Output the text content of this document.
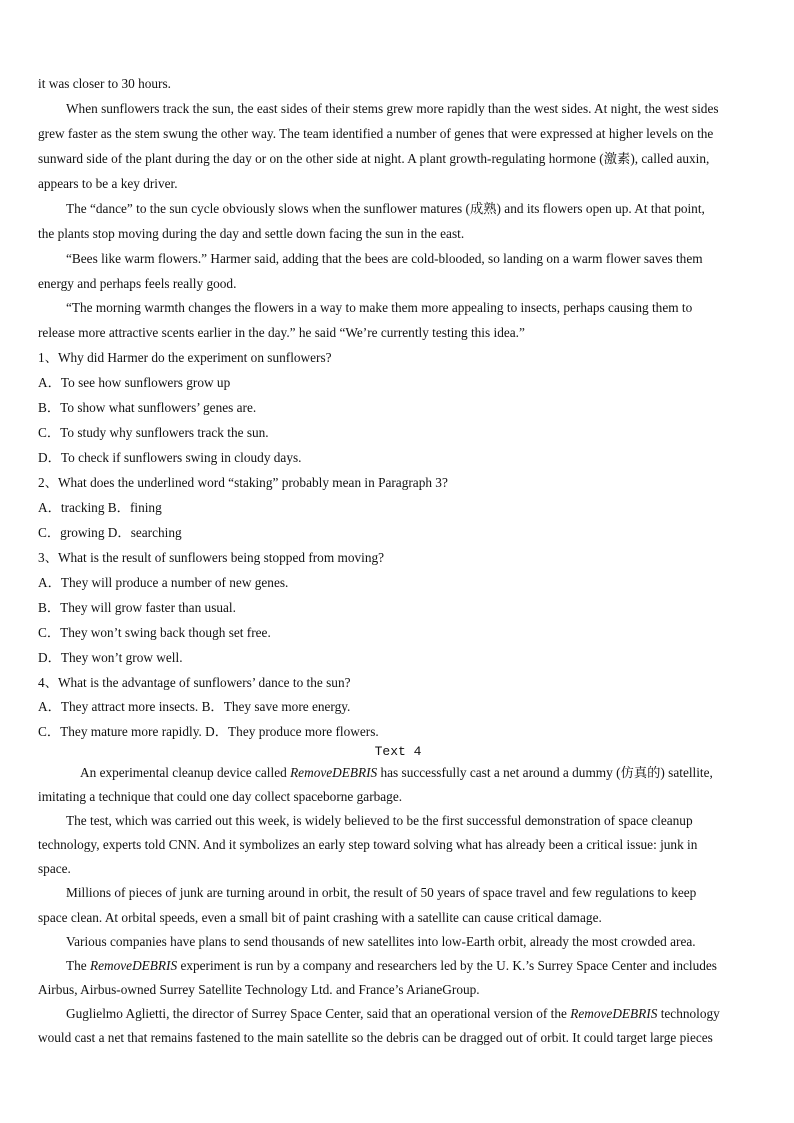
it was closer to 30 hours.
When sunflowers track the sun, the east sides of their stems grew more rapidly than the west sides. At night, the west sides
grew faster as the stem swung the other way. The team identified a number of genes that were expressed at higher levels on the
sunward side of the plant during the day or on the other side at night. A plant growth-regulating hormone (激素), called auxin,
appears to be a key driver.
The “dance” to the sun cycle obviously slows when the sunflower matures (成熟) and its flowers open up. At that point,
the plants stop moving during the day and settle down facing the sun in the east.
“Bees like warm flowers.” Harmer said, adding that the bees are cold-blooded, so landing on a warm flower saves them
energy and perhaps feels really good.
“The morning warmth changes the flowers in a way to make them more appealing to insects, perhaps causing them to
release more attractive scents earlier in the day.” he said “We’re currently testing this idea.”
1、Why did Harmer do the experiment on sunflowers?
A．To see how sunflowers grow up
B．To show what sunflowers’ genes are.
C．To study why sunflowers track the sun.
D．To check if sunflowers swing in cloudy days.
2、What does the underlined word “staking” probably mean in Paragraph 3?
A．tracking B．fining
C．growing D．searching
3、What is the result of sunflowers being stopped from moving?
A．They will produce a number of new genes.
B．They will grow faster than usual.
C．They won’t swing back though set free.
D．They won’t grow well.
4、What is the advantage of sunflowers’ dance to the sun?
A．They attract more insects. B．They save more energy.
C．They mature more rapidly. D．They produce more flowers.
Text 4
An experimental cleanup device called RemoveDEBRIS has successfully cast a net around a dummy (仿真的) satellite,
imitating a technique that could one day collect spaceborne garbage.
The test, which was carried out this week, is widely believed to be the first successful demonstration of space cleanup
technology, experts told CNN. And it symbolizes an early step toward solving what has already been a critical issue: junk in
space.
Millions of pieces of junk are turning around in orbit, the result of 50 years of space travel and few regulations to keep
space clean. At orbital speeds, even a small bit of paint crashing with a satellite can cause critical damage.
Various companies have plans to send thousands of new satellites into low-Earth orbit, already the most crowded area.
The RemoveDEBRIS experiment is run by a company and researchers led by the U. K.’s Surrey Space Center and includes
Airbus, Airbus-owned Surrey Satellite Technology Ltd. and France’s ArianeGroup.
Guglielmo Aglietti, the director of Surrey Space Center, said that an operational version of the RemoveDEBRIS technology
would cast a net that remains fastened to the main satellite so the debris can be dragged out of orbit. It could target large pieces
